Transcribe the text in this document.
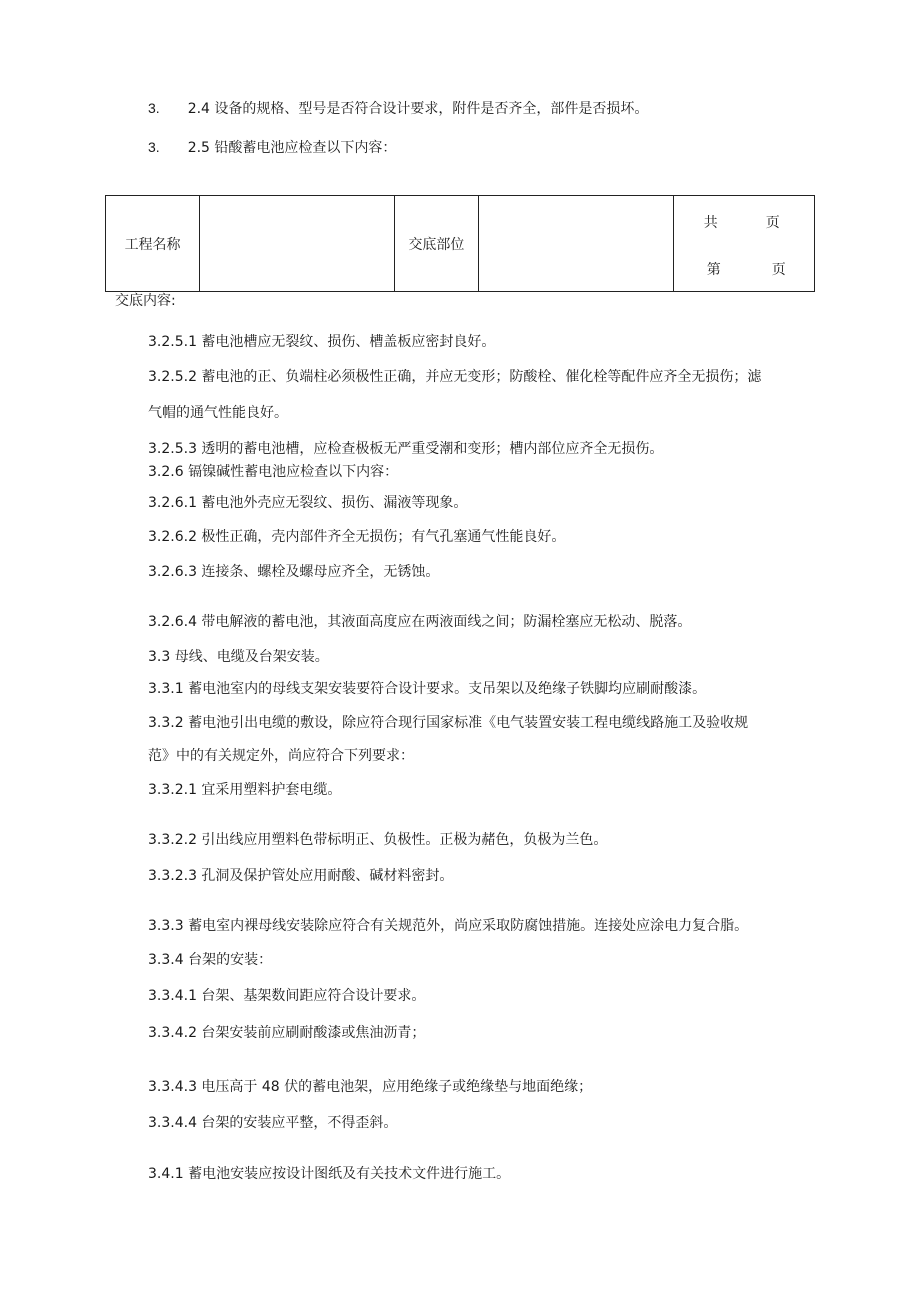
3. 2.4 设备的规格、型号是否符合设计要求，附件是否齐全，部件是否损坏。
3. 2.5 铅酸蓄电池应检查以下内容：
工程名称		交底部位		
共	页
第	页
交底内容:
3.2.5.1 蓄电池槽应无裂纹、损伤、槽盖板应密封良好。
3.2.5.2 蓄电池的正、负端柱必须极性正确，并应无变形；防酸栓、催化栓等配件应齐全无损伤；滤
气帽的通气性能良好。
3.2.5.3 透明的蓄电池槽，应检查极板无严重受潮和变形；槽内部位应齐全无损伤。
3.2.6 镉镍碱性蓄电池应检查以下内容：
3.2.6.1 蓄电池外壳应无裂纹、损伤、漏液等现象。
3.2.6.2 极性正确，壳内部件齐全无损伤；有气孔塞通气性能良好。
3.2.6.3 连接条、螺栓及螺母应齐全，无锈蚀。
3.2.6.4 带电解液的蓄电池，其液面高度应在两液面线之间；防漏栓塞应无松动、脱落。
3.3 母线、电缆及台架安装。
3.3.1 蓄电池室内的母线支架安装要符合设计要求。支吊架以及绝缘子铁脚均应刷耐酸漆。
3.3.2 蓄电池引出电缆的敷设，除应符合现行国家标准《电气装置安装工程电缆线路施工及验收规
范》中的有关规定外，尚应符合下列要求：
3.3.2.1 宜采用塑料护套电缆。
3.3.2.2 引出线应用塑料色带标明正、负极性。正极为赭色，负极为兰色。
3.3.2.3 孔洞及保护管处应用耐酸、碱材料密封。
3.3.3 蓄电室内裸母线安装除应符合有关规范外，尚应采取防腐蚀措施。连接处应涂电力复合脂。
3.3.4 台架的安装：
3.3.4.1 台架、基架数间距应符合设计要求。
3.3.4.2 台架安装前应刷耐酸漆或焦油沥青；
3.3.4.3 电压高于 48 伏的蓄电池架，应用绝缘子或绝缘垫与地面绝缘；
3.3.4.4 台架的安装应平整，不得歪斜。
3.4.1 蓄电池安装应按设计图纸及有关技术文件进行施工。
